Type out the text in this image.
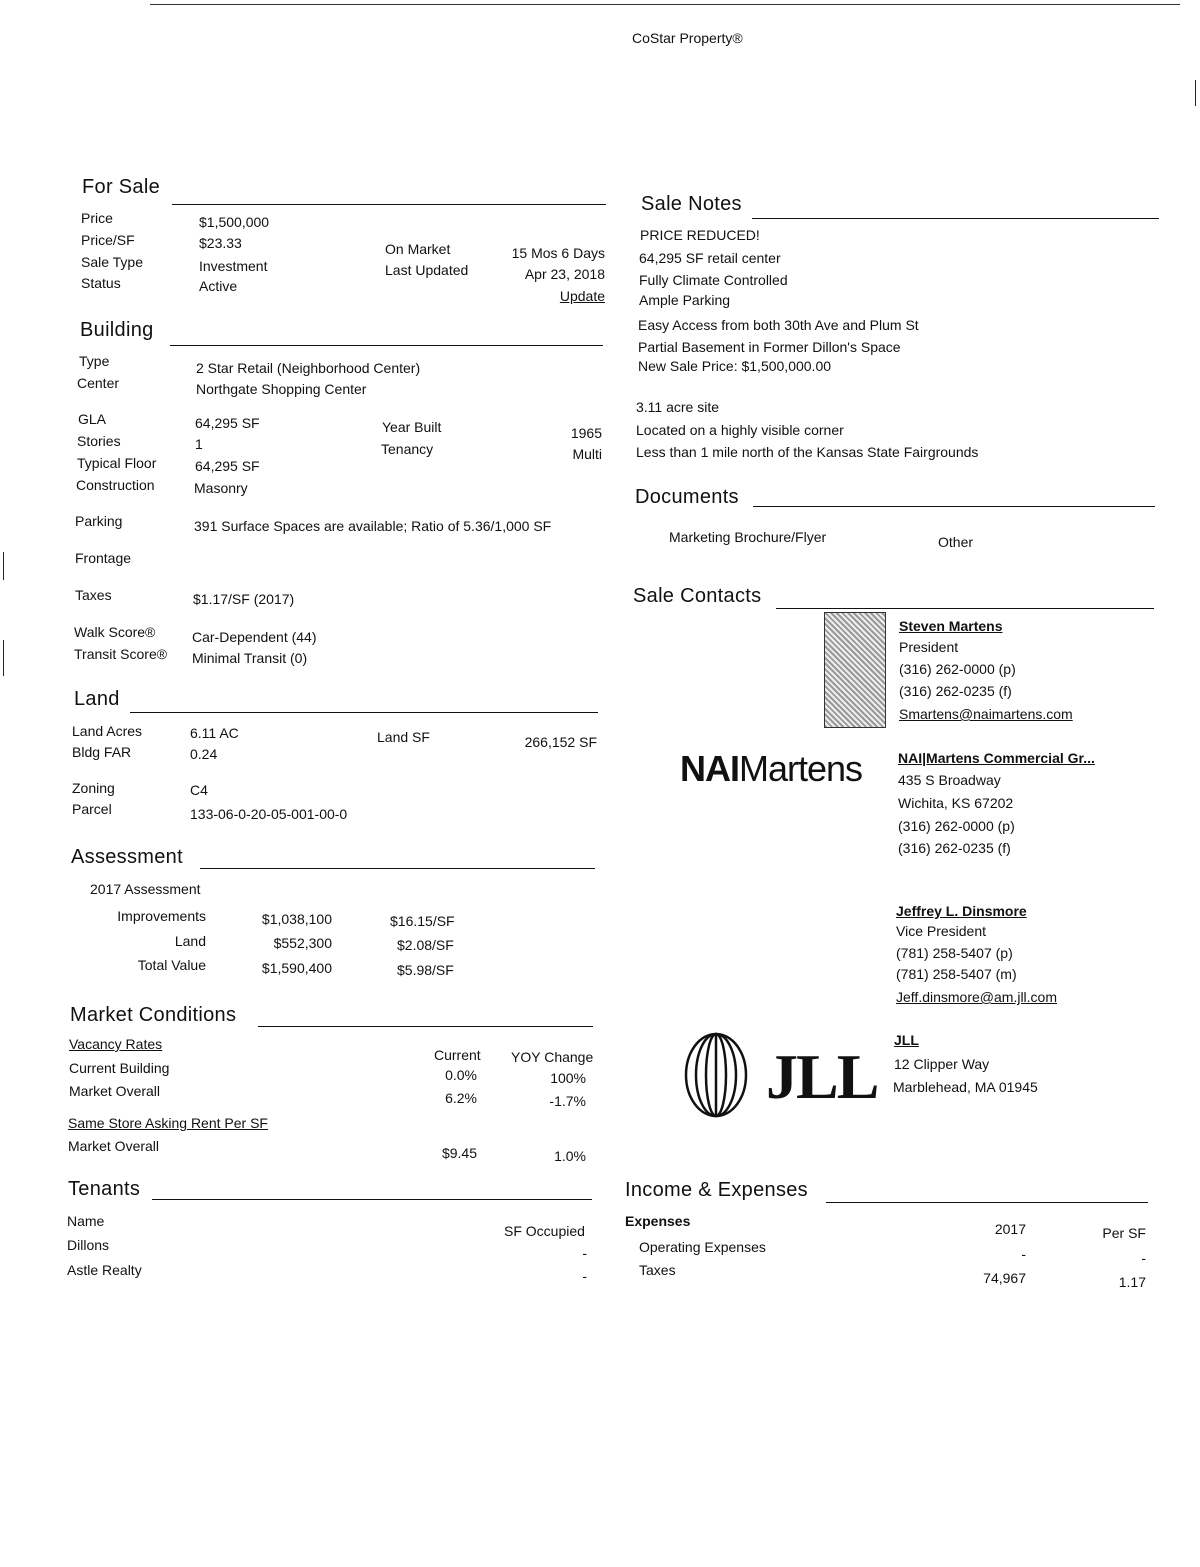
CoStar Property®
For Sale
Price	$1,500,000
Price/SF	$23.33
Sale Type	Investment
Status	Active
On Market	15 Mos 6 Days
Last Updated	Apr 23, 2018
Update
Building
Type	2 Star Retail (Neighborhood Center)
Center	Northgate Shopping Center
GLA	64,295 SF
Stories	1
Typical Floor	64,295 SF
Construction	Masonry
Year Built	1965
Tenancy	Multi
Parking	391 Surface Spaces are available; Ratio of 5.36/1,000 SF
Frontage
Taxes	$1.17/SF (2017)
Walk Score®	Car-Dependent (44)
Transit Score® Minimal Transit (0)
Land
Land Acres	6.11 AC
Bldg FAR	0.24
Land SF	266,152 SF
Zoning	C4
Parcel	133-06-0-20-05-001-00-0
Assessment
2017 Assessment
Improvements	$1,038,100	$16.15/SF
Land	$552,300	$2.08/SF
Total Value	$1,590,400	$5.98/SF
Market Conditions
Vacancy Rates
Current YOY Change
Current Building	0.0%	100%
Market Overall	6.2%	-1.7%
Same Store Asking Rent Per SF
Market Overall	$9.45	1.0%
Tenants
Name
SF Occupied
Dillons	-
Astle Realty	-
Sale Notes
PRICE REDUCED!
64,295 SF retail center
Fully Climate Controlled
Ample Parking
Easy Access from both 30th Ave and Plum St
Partial Basement in Former Dillon's Space
New Sale Price: $1,500,000.00
3.11 acre site
Located on a highly visible corner
Less than 1 mile north of the Kansas State Fairgrounds
Documents
Marketing Brochure/Flyer	Other
Sale Contacts
Steven Martens
President
(316) 262-0000 (p)
(316) 262-0235 (f)
Smartens@naimartens.com
NAIMartens	NAI|Martens Commercial Gr...
435 S Broadway
Wichita, KS 67202
(316) 262-0000 (p)
(316) 262-0235 (f)
Jeffrey L. Dinsmore
Vice President
(781) 258-5407 (p)
(781) 258-5407 (m)
Jeff.dinsmore@am.jll.com
JLL
JLL
12 Clipper Way
Marblehead, MA 01945
Income & Expenses
Expenses	2017	Per SF
Operating Expenses	-	-
Taxes	74,967	1.17
